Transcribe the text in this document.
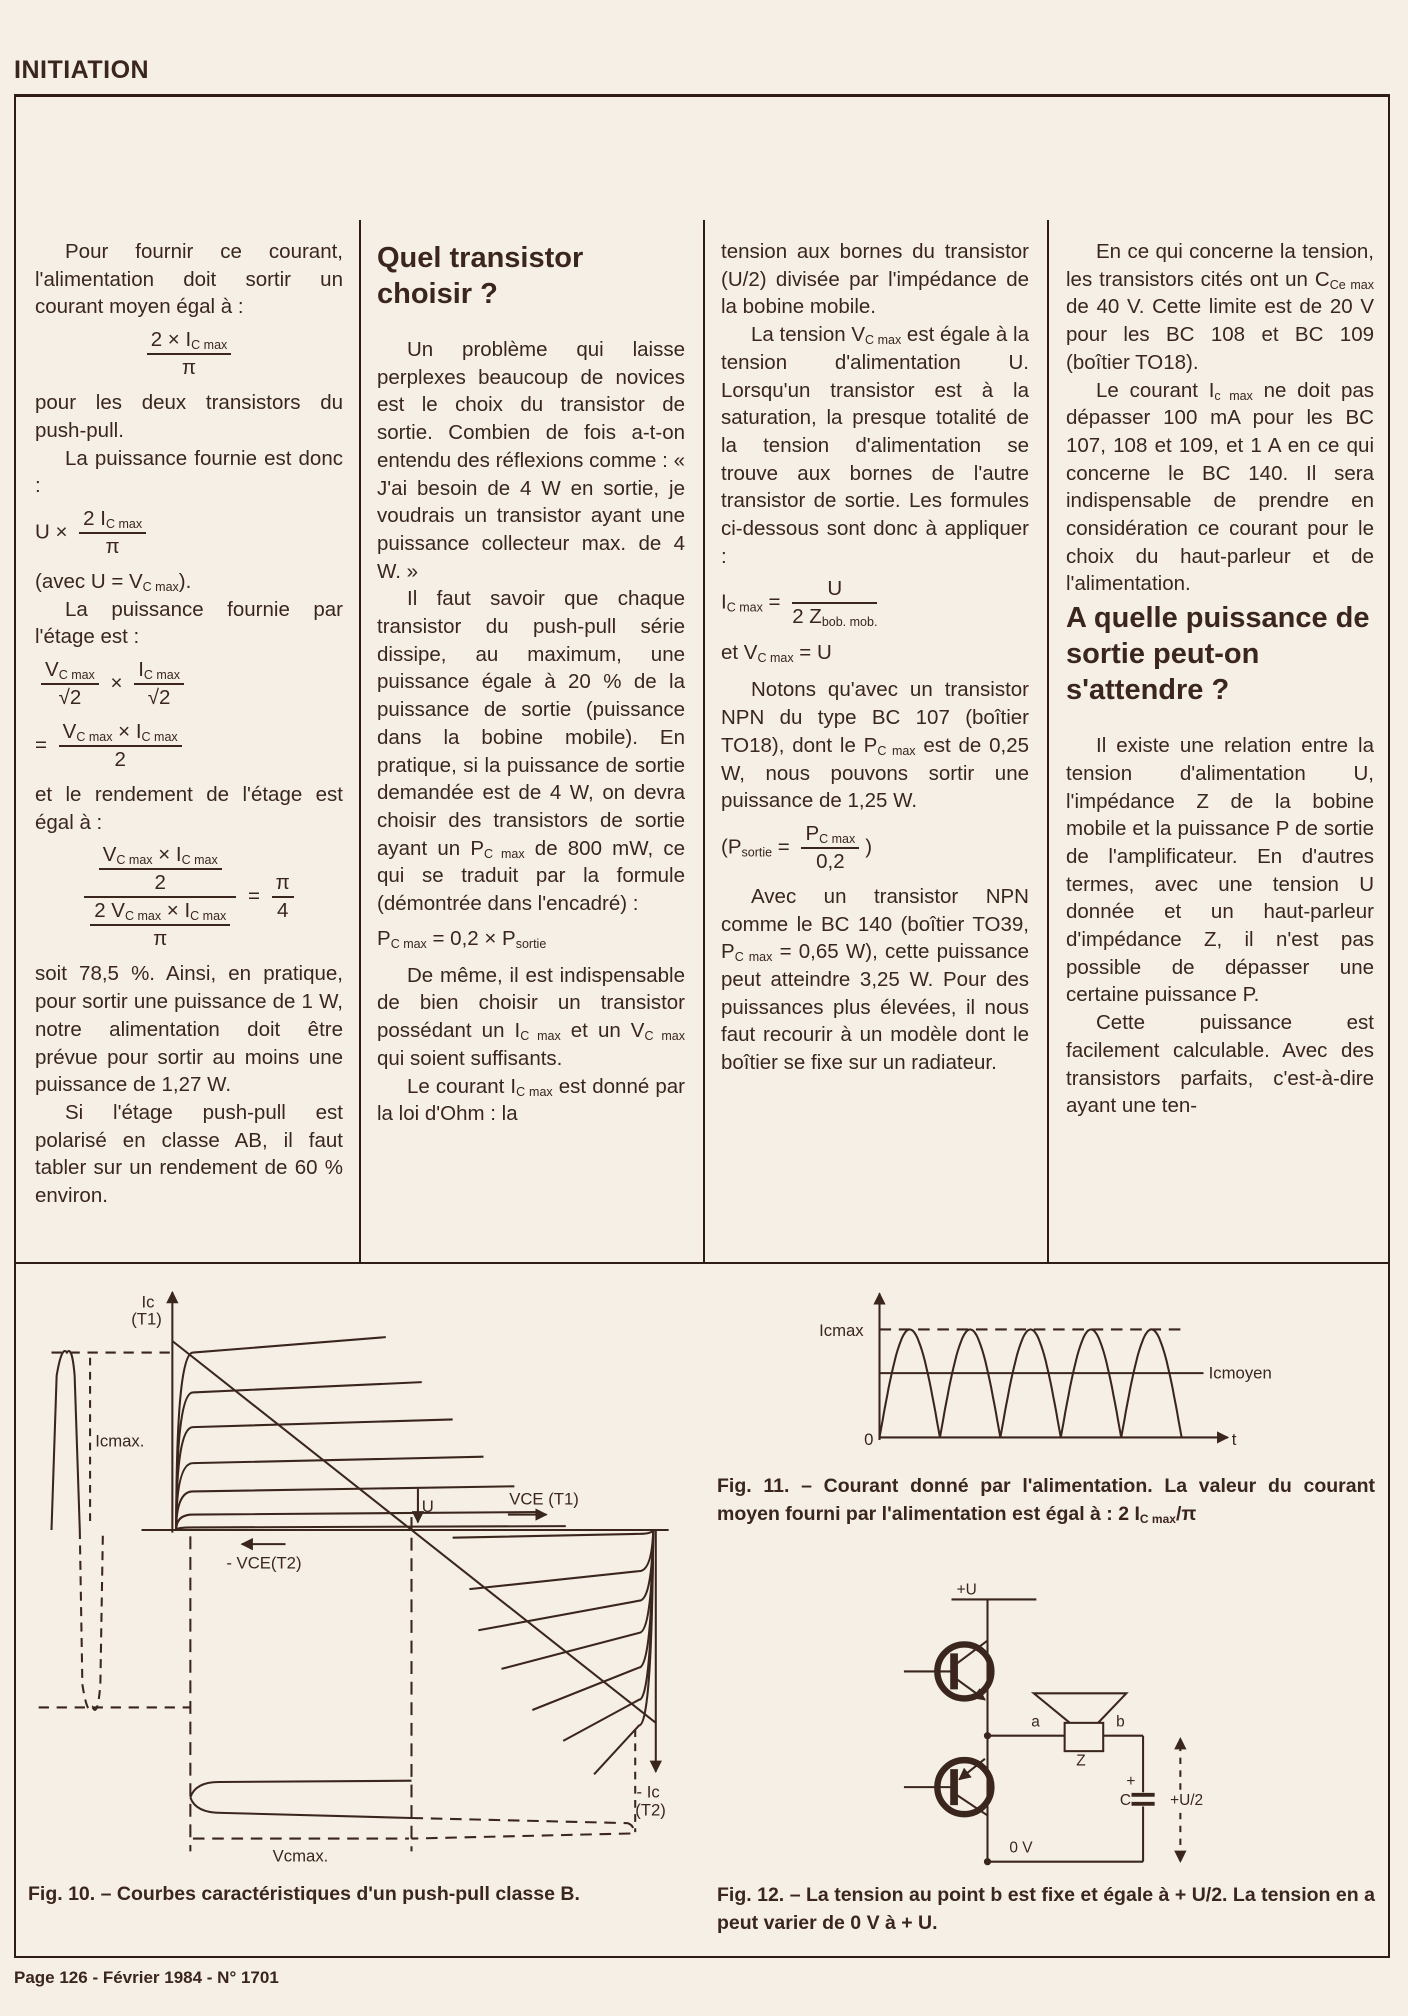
INITIATION

Pour fournir ce courant, l'alimentation doit sortir un courant moyen égal à :

$\frac{2 \times I_{C max}}{\pi}$

pour les deux transistors du push-pull.

La puissance fournie est donc :

$U \times \frac{2 I_{C max}}{\pi}$

(avec $U = V_{C max}$).

La puissance fournie par l'étage est :

$\frac{V_{C max}}{√2} \times \frac{I_{C max}}{√2}$
= $\frac{V_{C max} \times I_{C max}}{2}$

et le rendement de l'étage est égal à :

$\frac{\frac{V_{C max} \times I_{C max}}{2}}{\frac{2 V_{C max} \times I_{C max}}{\pi}} = \frac{\pi}{4}$

soit 78,5 %. Ainsi, en pratique, pour sortir une puissance de 1 W, notre alimentation doit être prévue pour sortir au moins une puissance de 1,27 W.

Si l'étage push-pull est polarisé en classe AB, il faut tabler sur un rendement de 60 % environ.

Quel transistor choisir ?

Un problème qui laisse perplexes beaucoup de novices est le choix du transistor de sortie. Combien de fois a-t-on entendu des réflexions comme : « J'ai besoin de 4 W en sortie, je voudrais un transistor ayant une puissance collecteur max. de 4 W. »

Il faut savoir que chaque transistor du push-pull série dissipe, au maximum, une puissance égale à 20 % de la puissance de sortie (puissance dans la bobine mobile). En pratique, si la puissance de sortie demandée est de 4 W, on devra choisir des transistors de sortie ayant un $P_{C max}$ de 800 mW, ce qui se traduit par la formule (démontrée dans l'encadré) :

$P_{C max} = 0,2 \times P_{sortie}$

De même, il est indispensable de bien choisir un transistor possédant un $I_{C max}$ et un $V_{C max}$ qui soient suffisants.

Le courant $I_{C max}$ est donné par la loi d'Ohm : la

tension aux bornes du transistor (U/2) divisée par l'impédance de la bobine mobile.

La tension $V_{C max}$ est égale à la tension d'alimentation U. Lorsqu'un transistor est à la saturation, la presque totalité de la tension d'alimentation se trouve aux bornes de l'autre transistor de sortie. Les formules ci-dessous sont donc à appliquer :

$I_{C max} = \frac{U}{2 Z_{bob. mob.}}$
et $V_{C max} = U$

Notons qu'avec un transistor NPN du type BC 107 (boîtier TO18), dont le $P_{C max}$ est de 0,25 W, nous pouvons sortir une puissance de 1,25 W.

($P_{sortie} = \frac{P_{C max}}{0,2}$ )

Avec un transistor NPN comme le BC 140 (boîtier TO39, $P_{C max} = 0,65$ W), cette puissance peut atteindre 3,25 W. Pour des puissances plus élevées, il nous faut recourir à un modèle dont le boîtier se fixe sur un radiateur.

En ce qui concerne la tension, les transistors cités ont un $C_{Ce max}$ de 40 V. Cette limite est de 20 V pour les BC 108 et BC 109 (boîtier TO18).

Le courant $I_{c max}$ ne doit pas dépasser 100 mA pour les BC 107, 108 et 109, et 1 A en ce qui concerne le BC 140. Il sera indispensable de prendre en considération ce courant pour le choix du haut-parleur et de l'alimentation.

A quelle puissance de sortie peut-on s'attendre ?

Il existe une relation entre la tension d'alimentation U, l'impédance Z de la bobine mobile et la puissance P de sortie de l'amplificateur. En d'autres termes, avec une tension U donnée et un haut-parleur d'impédance Z, il n'est pas possible de dépasser une certaine puissance P.

Cette puissance est facilement calculable. Avec des transistors parfaits, c'est-à-dire ayant une ten-

Ic
(T1)
Icmax.
VCE (T1)
U
- VCE(T2)
- Ic
(T2)
Vcmax.
Icmax
Icmoyen
0	t
+U
a	b
Z
C
+
+U/2
0 V
Fig. 10. – Courbes caractéristiques d'un push-pull classe B.
Fig. 11. – Courant donné par l'alimentation. La valeur du courant moyen fourni par l'alimentation est égal à : 2 $I_{C max}/\pi$
Fig. 12. – La tension au point b est fixe et égale à + U/2. La tension en a peut varier de 0 V à + U.
Page 126 - Février 1984 - N° 1701
